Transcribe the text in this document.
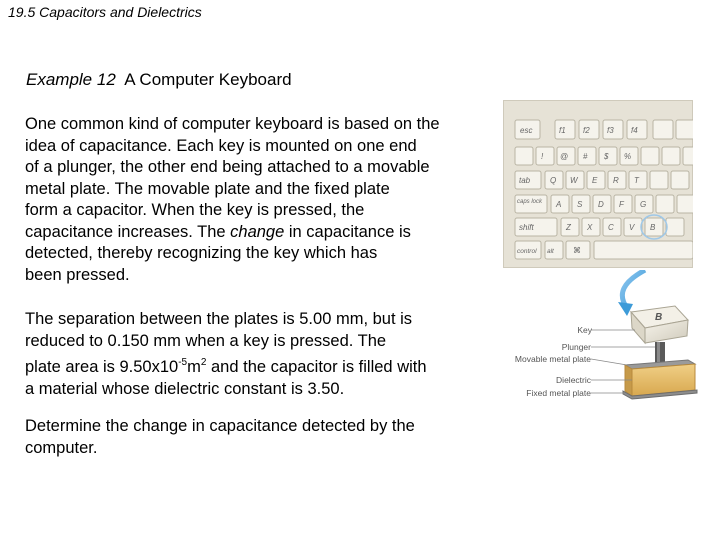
19.5 Capacitors and Dielectrics
Example 12 A Computer Keyboard
One common kind of computer keyboard is based on the
idea of capacitance. Each key is mounted on one end
of a plunger, the other end being attached to a movable
metal plate. The movable plate and the fixed plate
form a capacitor. When the key is pressed, the
capacitance increases. The change in capacitance is
detected, thereby recognizing the key which has
been pressed.
The separation between the plates is 5.00 mm, but is
reduced to 0.150 mm when a key is pressed. The
plate area is $9.50x10^{-5}m^2$ and the capacitor is filled with
a material whose dielectric constant is 3.50.
Determine the change in capacitance detected by the
computer.
esc	f1 f2 f3 f4
! @ # $ %
tab Q W E R T
caps lock A S D F G
shift	Z X C V B
control alt ⌘
B
Key
Plunger
Movable metal plate
Dielectric
Fixed metal plate
